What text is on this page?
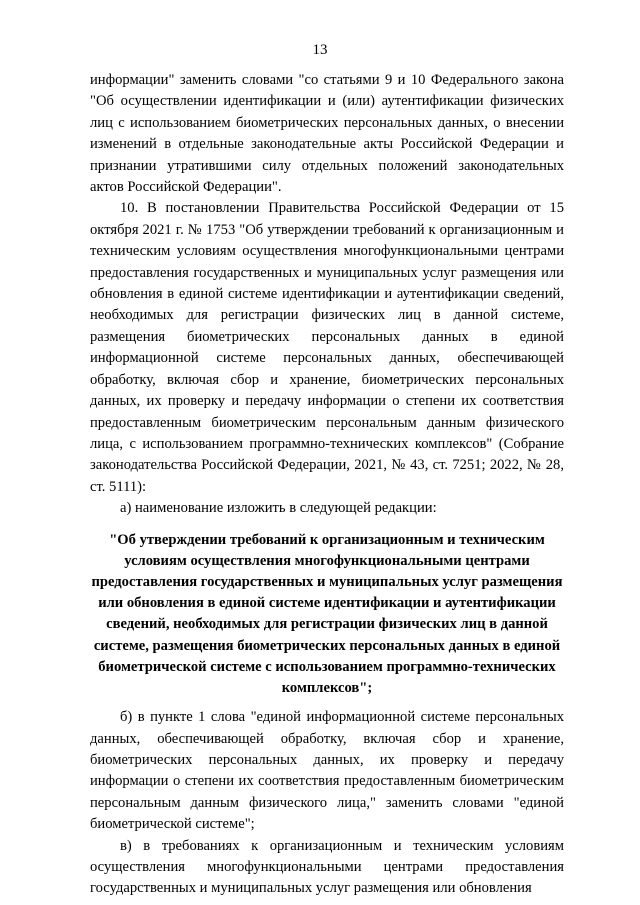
13

информации" заменить словами "со статьями 9 и 10 Федерального закона "Об осуществлении идентификации и (или) аутентификации физических лиц с использованием биометрических персональных данных, о внесении изменений в отдельные законодательные акты Российской Федерации и признании утратившими силу отдельных положений законодательных актов Российской Федерации".

10. В постановлении Правительства Российской Федерации от 15 октября 2021 г. № 1753 "Об утверждении требований к организационным и техническим условиям осуществления многофункциональными центрами предоставления государственных и муниципальных услуг размещения или обновления в единой системе идентификации и аутентификации сведений, необходимых для регистрации физических лиц в данной системе, размещения биометрических персональных данных в единой информационной системе персональных данных, обеспечивающей обработку, включая сбор и хранение, биометрических персональных данных, их проверку и передачу информации о степени их соответствия предоставленным биометрическим персональным данным физического лица, с использованием программно-технических комплексов" (Собрание законодательства Российской Федерации, 2021, № 43, ст. 7251; 2022, № 28, ст. 5111):

а) наименование изложить в следующей редакции:

"Об утверждении требований к организационным и техническим условиям осуществления многофункциональными центрами предоставления государственных и муниципальных услуг размещения или обновления в единой системе идентификации и аутентификации сведений, необходимых для регистрации физических лиц в данной системе, размещения биометрических персональных данных в единой биометрической системе с использованием программно-технических комплексов";

б) в пункте 1 слова "единой информационной системе персональных данных, обеспечивающей обработку, включая сбор и хранение, биометрических персональных данных, их проверку и передачу информации о степени их соответствия предоставленным биометрическим персональным данным физического лица," заменить словами "единой биометрической системе";

в) в требованиях к организационным и техническим условиям осуществления многофункциональными центрами предоставления государственных и муниципальных услуг размещения или обновления
